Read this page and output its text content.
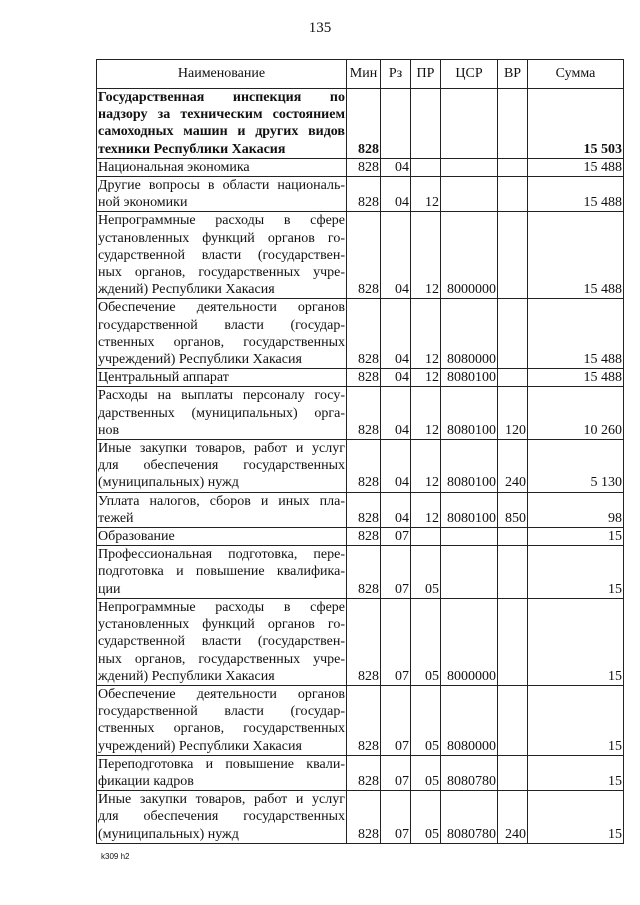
135
Наименование	Мин	Рз	ПР	ЦСР	ВР	Сумма

Государственная инспекция по
надзору за техническим состоянием
самоходных машин и других видов
техники Республики Хакасия	828					15 503

Национальная экономика	828	04				15 488

Другие вопросы в области националь-
ной экономики	828	04	12			15 488

Непрограммные расходы в сфере
установленных функций органов го-
сударственной власти (государствен-
ных органов, государственных учре-
ждений) Республики Хакасия	828	04	12	8000000		15 488

Обеспечение деятельности органов
государственной власти (государ-
ственных органов, государственных
учреждений) Республики Хакасия	828	04	12	8080000		15 488

Центральный аппарат	828	04	12	8080100		15 488

Расходы на выплаты персоналу госу-
дарственных (муниципальных) орга-
нов	828	04	12	8080100	120	10 260

Иные закупки товаров, работ и услуг
для обеспечения государственных
(муниципальных) нужд	828	04	12	8080100	240	5 130

Уплата налогов, сборов и иных пла-
тежей	828	04	12	8080100	850	98

Образование	828	07				15

Профессиональная подготовка, пере-
подготовка и повышение квалифика-
ции	828	07	05			15

Непрограммные расходы в сфере
установленных функций органов го-
сударственной власти (государствен-
ных органов, государственных учре-
ждений) Республики Хакасия	828	07	05	8000000		15

Обеспечение деятельности органов
государственной власти (государ-
ственных органов, государственных
учреждений) Республики Хакасия	828	07	05	8080000		15

Переподготовка и повышение квали-
фикации кадров	828	07	05	8080780		15

Иные закупки товаров, работ и услуг
для обеспечения государственных
(муниципальных) нужд	828	07	05	8080780	240	15
k309 h2
